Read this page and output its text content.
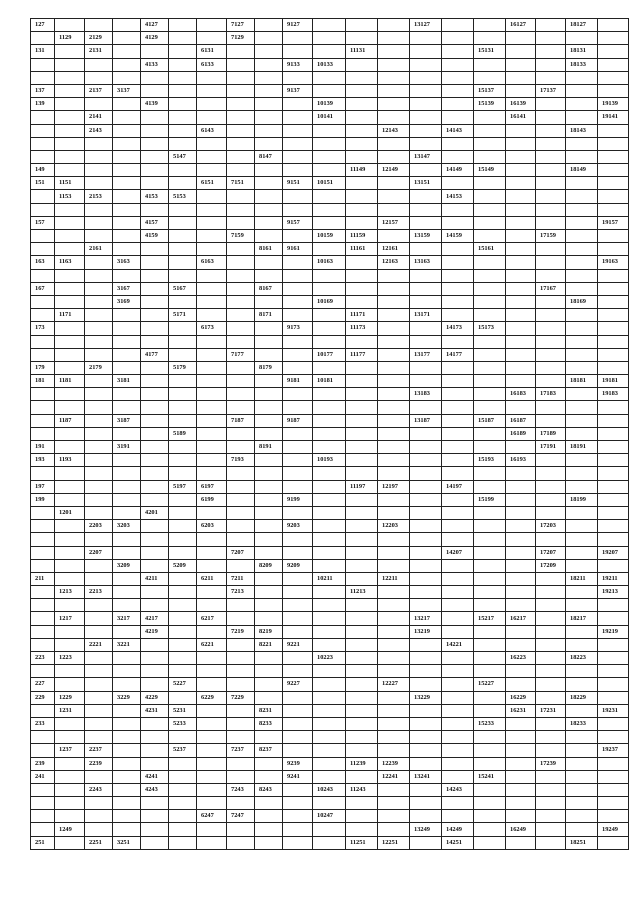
127				4127			7127		9127				13127			16127		18127	
	1129	2129		4129			7129												
131		2131				6131					11131				15131			18131	
				4133		6133			9133	10133								18133	

137		2137	3137						9137						15137		17137		
139				4139						10139					15139	16139			19139
		2141								10141						16141			19141
		2143				6143						12143		14143				18143	

					5147			8147					13147						
149											11149	12149		14149	15149			18149	
151	1151					6151	7151		9151	10151			13151						
	1153	2153		4153	5153									14153					

157				4157					9157			12157							19157
				4159			7159			10159	11159		13159	14159			17159		
		2161						8161	9161		11161	12161			15161				
163	1163		3163			6163				10163		12163	13163						19163

167			3167		5167			8167									17167		
			3169							10169								18169	
	1171				5171			8171			11171		13171						
173						6173			9173		11173			14173	15173				

				4177			7177			10177	11177		13177	14177					
179		2179			5179			8179											
181	1181		3181						9181	10181								18181	19181
													13183			16183	17183		19183

	1187		3187				7187		9187				13187		15187	16187			
					5189											16189	17189		
191			3191					8191									17191	18191	
193	1193						7193			10193					15193	16193			

197					5197	6197					11197	12197		14197					
199						6199			9199						15199			18199	
	1201			4201															
		2203	3203			6203			9203			12203					17203		

		2207					7207							14207			17207		19207
			3209		5209			8209	9209								17209		
211				4211		6211	7211			10211		12211						18211	19211
	1213	2213					7213				11213								19213

	1217		3217	4217		6217							13217		15217	16217		18217	
				4219			7219	8219					13219						19219
		2221	3221			6221		8221	9221					14221					
223	1223									10223						16223		18223	

227					5227				9227			12227			15227				
229	1229		3229	4229		6229	7229						13229			16229		18229	
	1231			4231	5231			8231								16231	17231		19231
233					5233			8233							15233			18233	

	1237	2237			5237		7237	8237											19237
239		2239							9239		11239	12239					17239		
241				4241					9241			12241	13241		15241				
		2243		4243			7243	8243		10243	11243			14243					

						6247	7247			10247									
	1249												13249	14249		16249			19249
251		2251	3251								11251	12251		14251				18251	
